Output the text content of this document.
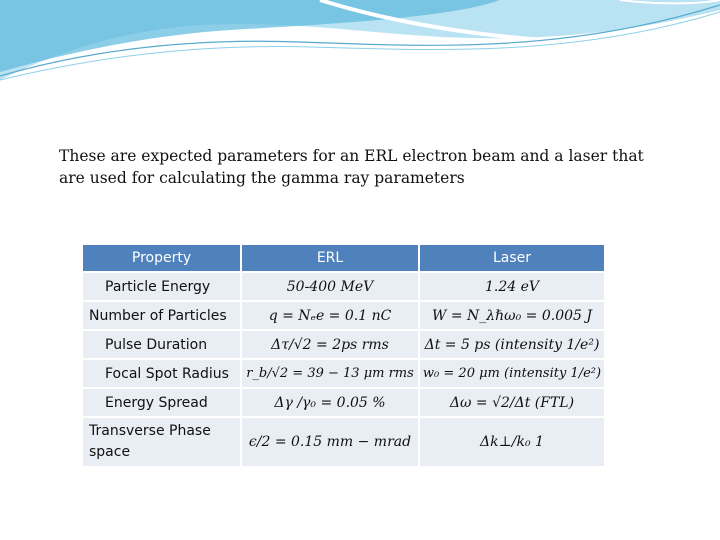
These are expected parameters for an ERL electron beam and a laser that are used for calculating the gamma ray parameters
Property	ERL	Laser
Particle Energy	50-400 MeV	1.24 eV
Number of Particles	q = Nₑe = 0.1 nC	W = N_λℏω₀ = 0.005 J
Pulse Duration	Δτ/√2 = 2ps rms	Δt = 5 ps (intensity 1/e²)
Focal Spot Radius	r_b/√2 = 39 − 13 μm rms	w₀ = 20 μm (intensity 1/e²)
Energy Spread	Δγ /γ₀ = 0.05 %	Δω = √2/Δt (FTL)
Transverse Phase space	ϵ/2 = 0.15 mm − mrad	Δk⊥/k₀ 1
